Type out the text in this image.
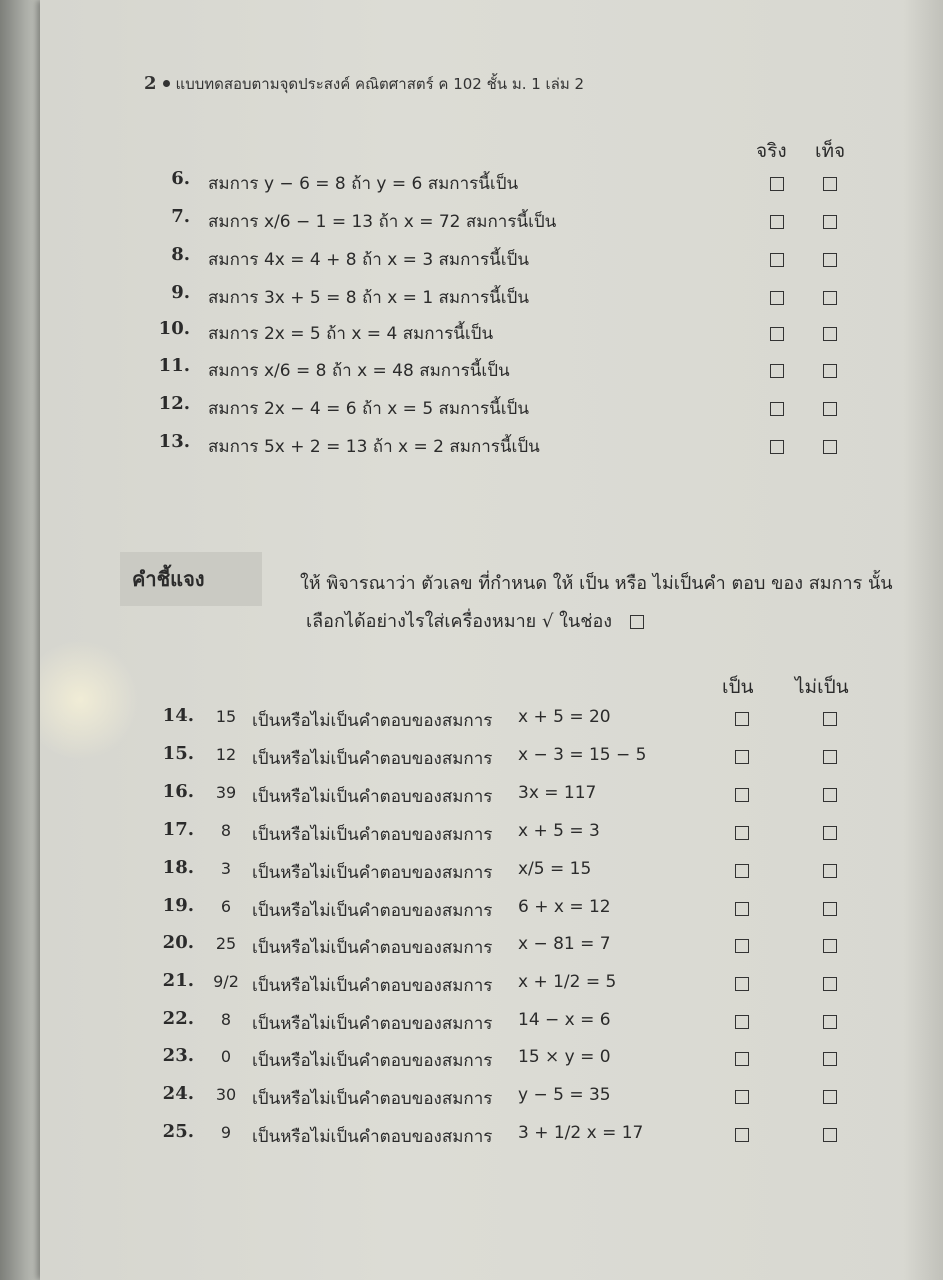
2 แบบทดสอบตามจุดประสงค์ คณิตศาสตร์ ค 102 ชั้น ม. 1 เล่ม 2
จริง เท็จ
6. สมการ y − 6 = 8 ถ้า y = 6 สมการนี้เป็น
7. สมการ x/6 − 1 = 13 ถ้า x = 72 สมการนี้เป็น
8. สมการ 4x = 4 + 8 ถ้า x = 3 สมการนี้เป็น
9. สมการ 3x + 5 = 8 ถ้า x = 1 สมการนี้เป็น
10. สมการ 2x = 5 ถ้า x = 4 สมการนี้เป็น
11. สมการ x/6 = 8 ถ้า x = 48 สมการนี้เป็น
12. สมการ 2x − 4 = 6 ถ้า x = 5 สมการนี้เป็น
13. สมการ 5x + 2 = 13 ถ้า x = 2 สมการนี้เป็น
คำชี้แจง	ให้ พิจารณาว่า ตัวเลข ที่กำหนด ให้ เป็น หรือ ไม่เป็นคำ ตอบ ของ สมการ นั้น
เลือกได้อย่างไรใส่เครื่องหมาย √ ในช่อง
เป็น ไม่เป็น
14.	15 เป็นหรือไม่เป็นคำตอบของสมการ x + 5 = 20
15.	12 เป็นหรือไม่เป็นคำตอบของสมการ x − 3 = 15 − 5
16.	39 เป็นหรือไม่เป็นคำตอบของสมการ 3x = 117
17.	8	เป็นหรือไม่เป็นคำตอบของสมการ x + 5 = 3
18.	3	เป็นหรือไม่เป็นคำตอบของสมการ x/5 = 15
19.	6	เป็นหรือไม่เป็นคำตอบของสมการ 6 + x = 12
20.	25 เป็นหรือไม่เป็นคำตอบของสมการ x − 81 = 7
21.	9/2 เป็นหรือไม่เป็นคำตอบของสมการ x + 1/2 = 5
22.	8	เป็นหรือไม่เป็นคำตอบของสมการ 14 − x = 6
23.	0	เป็นหรือไม่เป็นคำตอบของสมการ 15 × y = 0
24.	30 เป็นหรือไม่เป็นคำตอบของสมการ y − 5 = 35
25.	9	เป็นหรือไม่เป็นคำตอบของสมการ 3 + 1/2 x = 17
